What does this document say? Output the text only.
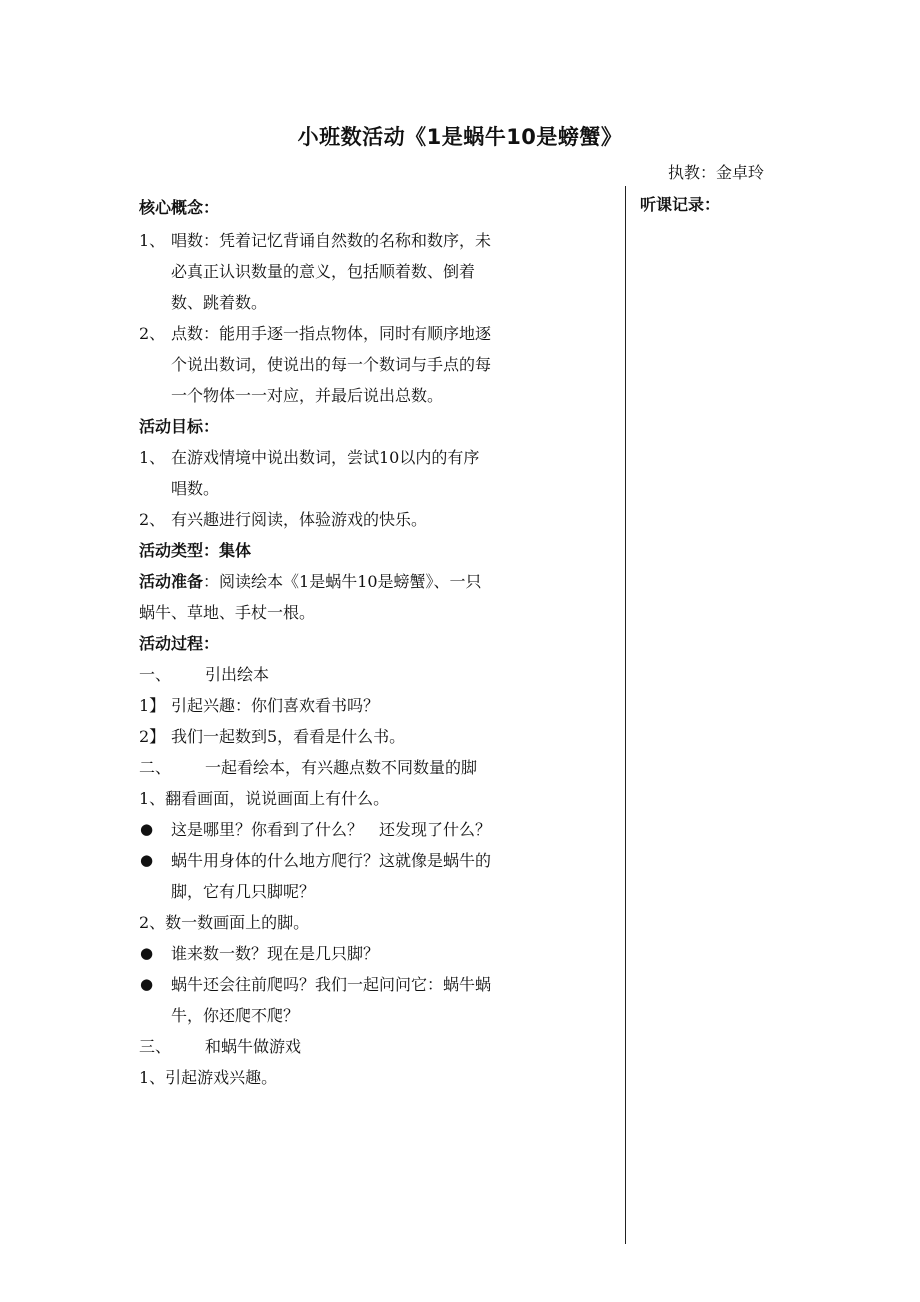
小班数活动《1是蜗牛10是螃蟹》
执教：金卓玲
听课记录：
核心概念：
1、 唱数：凭着记忆背诵自然数的名称和数序，未必真正认识数量的意义，包括顺着数、倒着数、跳着数。
2、 点数：能用手逐一指点物体，同时有顺序地逐个说出数词，使说出的每一个数词与手点的每一个物体一一对应，并最后说出总数。
活动目标：
1、 在游戏情境中说出数词，尝试10以内的有序唱数。
2、 有兴趣进行阅读，体验游戏的快乐。
活动类型：集体
活动准备：阅读绘本《1是蜗牛10是螃蟹》、一只蜗牛、草地、手杖一根。
活动过程：
一、 引出绘本
1】 引起兴趣：你们喜欢看书吗？
2】 我们一起数到5，看看是什么书。
二、 一起看绘本，有兴趣点数不同数量的脚
1、翻看画面，说说画面上有什么。
● 这是哪里？你看到了什么？　还发现了什么？
● 蜗牛用身体的什么地方爬行？这就像是蜗牛的脚，它有几只脚呢？
2、数一数画面上的脚。
● 谁来数一数？现在是几只脚？
● 蜗牛还会往前爬吗？我们一起问问它：蜗牛蜗牛，你还爬不爬？
三、 和蜗牛做游戏
1、引起游戏兴趣。
